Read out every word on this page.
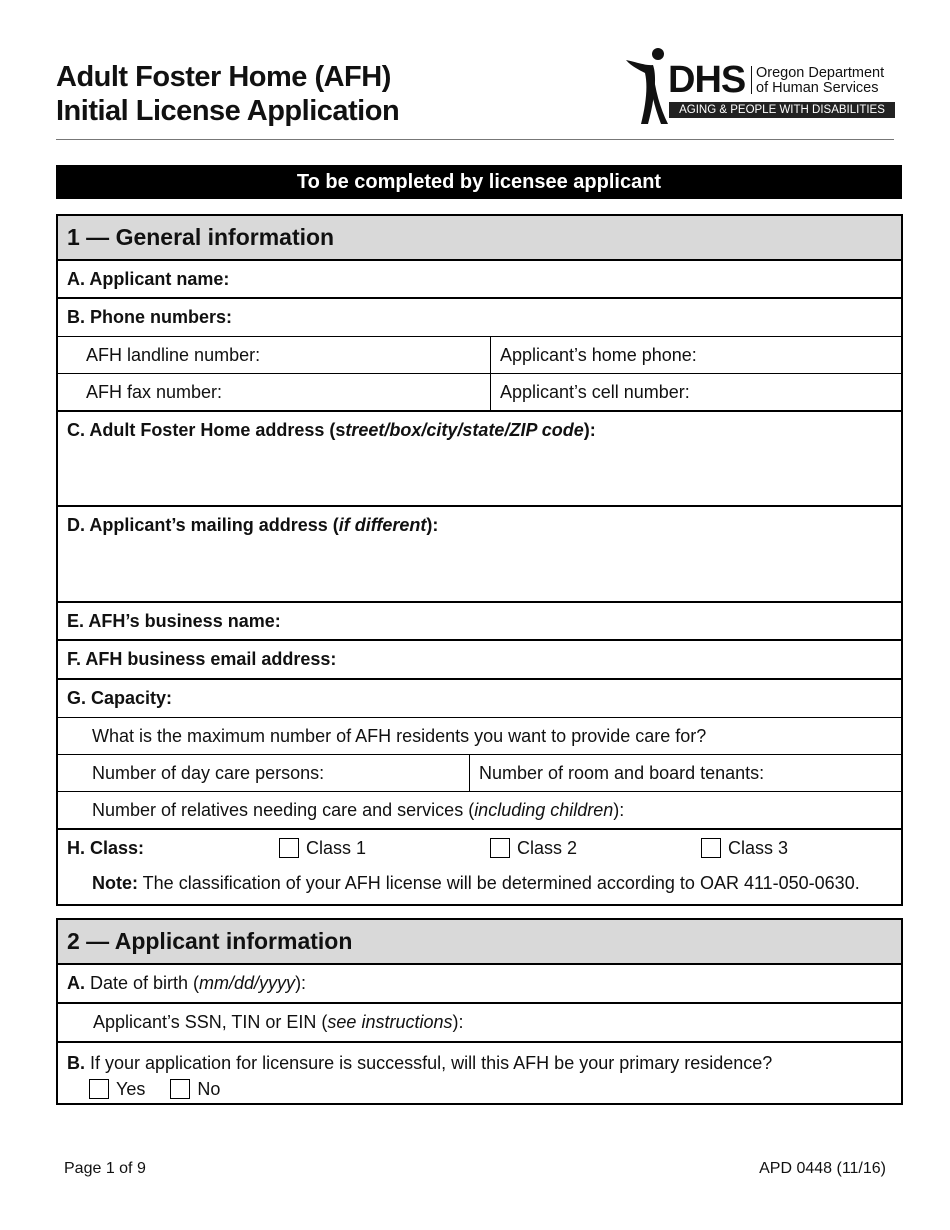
Adult Foster Home (AFH)
Initial License Application
DHS Oregon Department
of Human Services
AGING & PEOPLE WITH DISABILITIES
To be completed by licensee applicant
1 — General information
A. Applicant name:
B. Phone numbers:
AFH landline number:	Applicant’s home phone:
AFH fax number:	Applicant’s cell number:
C. Adult Foster Home address (street/box/city/state/ZIP code):
D. Applicant’s mailing address (if different):
E. AFH’s business name:
F. AFH business email address:
G. Capacity:
What is the maximum number of AFH residents you want to provide care for?
Number of day care persons:	Number of room and board tenants:
Number of relatives needing care and services (including children):
H. Class:	Class 1	Class 2	Class 3
Note: The classification of your AFH license will be determined according to OAR 411-050-0630.
2 — Applicant information
A. Date of birth (mm/dd/yyyy):
Applicant’s SSN, TIN or EIN (see instructions):
B. If your application for licensure is successful, will this AFH be your primary residence?
Yes	No
Page 1 of 9	APD 0448 (11/16)
